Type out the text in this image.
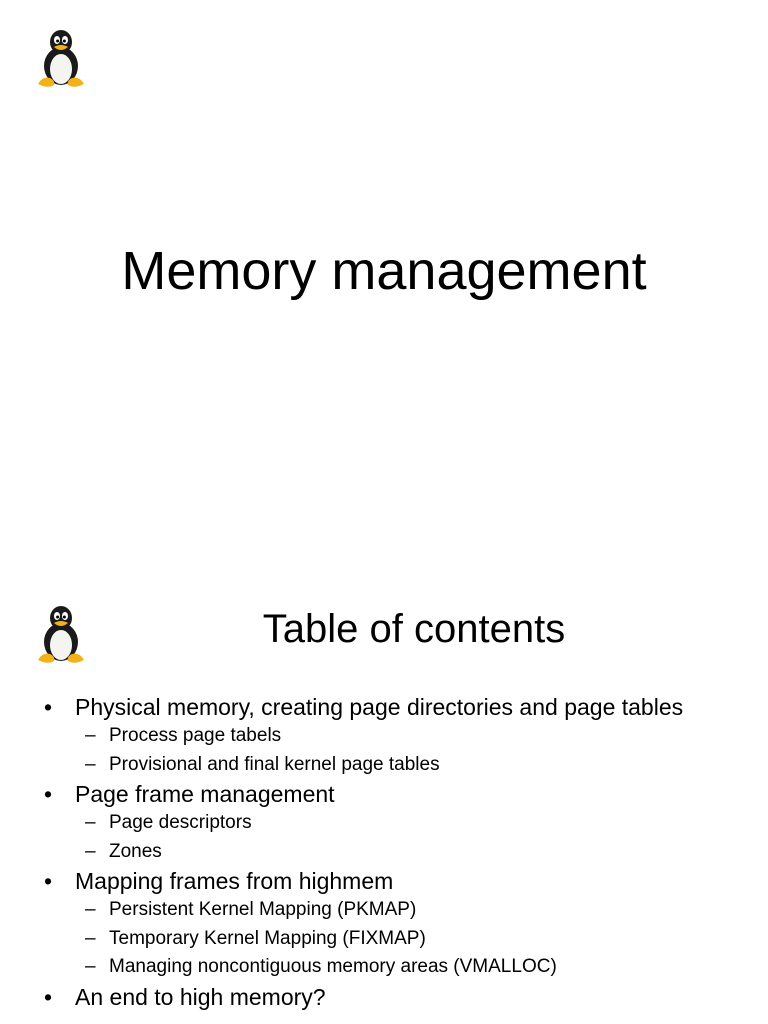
Memory management
Table of contents
• Physical memory, creating page directories and page tables
– Process page tabels
– Provisional and final kernel page tables
• Page frame management
– Page descriptors
– Zones
• Mapping frames from highmem
– Persistent Kernel Mapping (PKMAP)
– Temporary Kernel Mapping (FIXMAP)
– Managing noncontiguous memory areas (VMALLOC)
• An end to high memory?
